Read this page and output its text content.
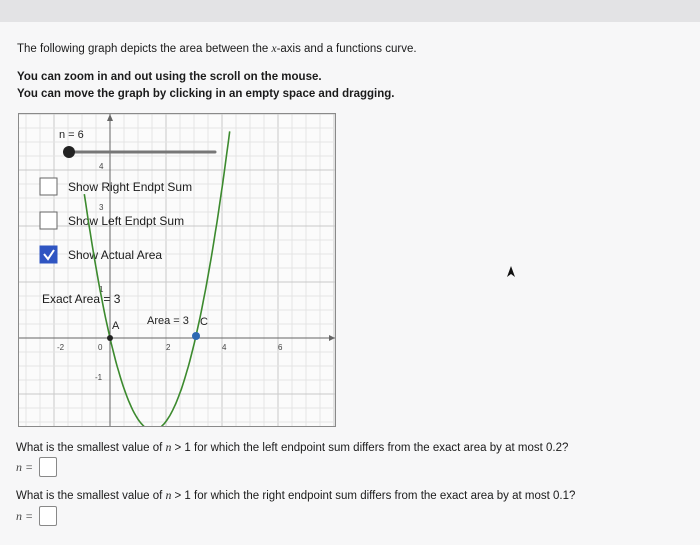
The following graph depicts the area between the x-axis and a functions curve.
You can zoom in and out using the scroll on the mouse.
You can move the graph by clicking in an empty space and dragging.
-2	0	2	4	6
4
3
1
-1
n = 6
Show Right Endpt Sum
Show Left Endpt Sum
Show Actual Area
Exact Area = 3
A	Area = 3 C
What is the smallest value of n > 1 for which the left endpoint sum differs from the exact area by at most 0.2?
n =
What is the smallest value of n > 1 for which the right endpoint sum differs from the exact area by at most 0.1?
n =
